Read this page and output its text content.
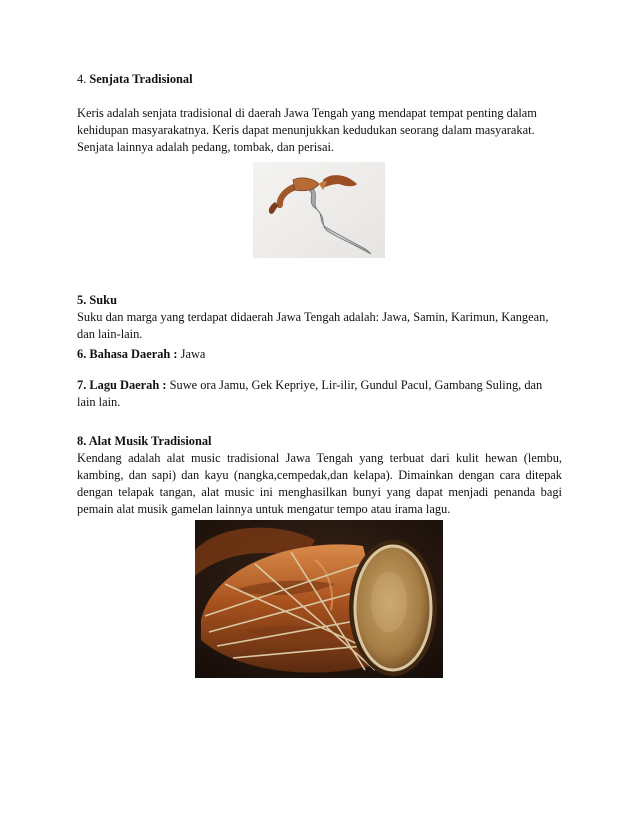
4. Senjata Tradisional
Keris adalah senjata tradisional di daerah Jawa Tengah yang mendapat tempat penting dalam
kehidupan masyarakatnya. Keris dapat menunjukkan kedudukan seorang dalam masyarakat.
Senjata lainnya adalah pedang, tombak, dan perisai.
5. Suku
Suku dan marga yang terdapat didaerah Jawa Tengah adalah: Jawa, Samin, Karimun, Kangean,
dan lain-lain.
6. Bahasa Daerah : Jawa
7. Lagu Daerah : Suwe ora Jamu, Gek Kepriye, Lir-ilir, Gundul Pacul, Gambang Suling, dan lain lain.
8. Alat Musik Tradisional
Kendang adalah alat music tradisional Jawa Tengah yang terbuat dari kulit hewan (lembu, kambing, dan sapi) dan kayu (nangka,cempedak,dan kelapa). Dimainkan dengan cara ditepak dengan telapak tangan, alat music ini menghasilkan bunyi yang dapat menjadi penanda bagi pemain alat musik gamelan lainnya untuk mengatur tempo atau irama lagu.
